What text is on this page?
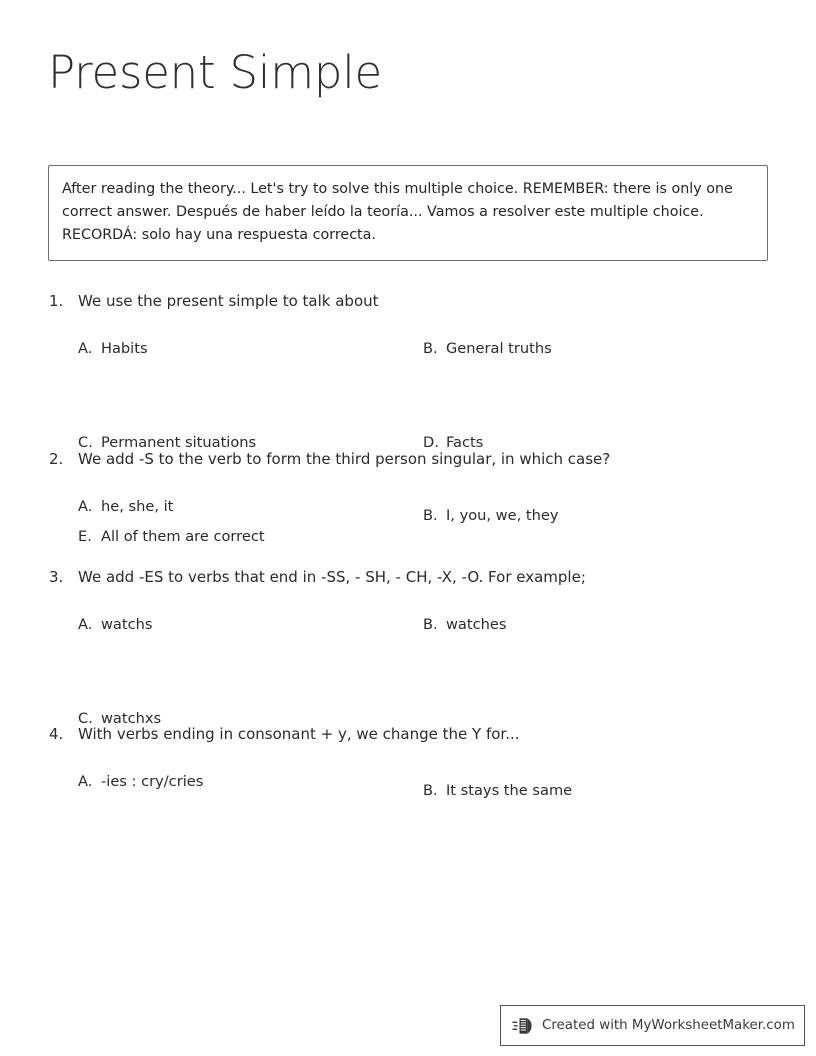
Present Simple

After reading the theory... Let's try to solve this multiple choice. REMEMBER: there is only one correct answer. Después de haber leído la teoría... Vamos a resolver este multiple choice. RECORDÁ: solo hay una respuesta correcta.

1. We use the present simple to talk about
A. Habits	B. General truths
C. Permanent situations	D. Facts
E. All of them are correct
2. We add -S to the verb to form the third person singular, in which case?
A. he, she, it
B. I, you, we, they
3. We add -ES to verbs that end in -SS, - SH, - CH, -X, -O. For example;
A. watchs	B. watches
C. watchxs
4. With verbs ending in consonant + y, we change the Y for...
A. -ies : cry/cries
B. It stays the same
Created with MyWorksheetMaker.com
